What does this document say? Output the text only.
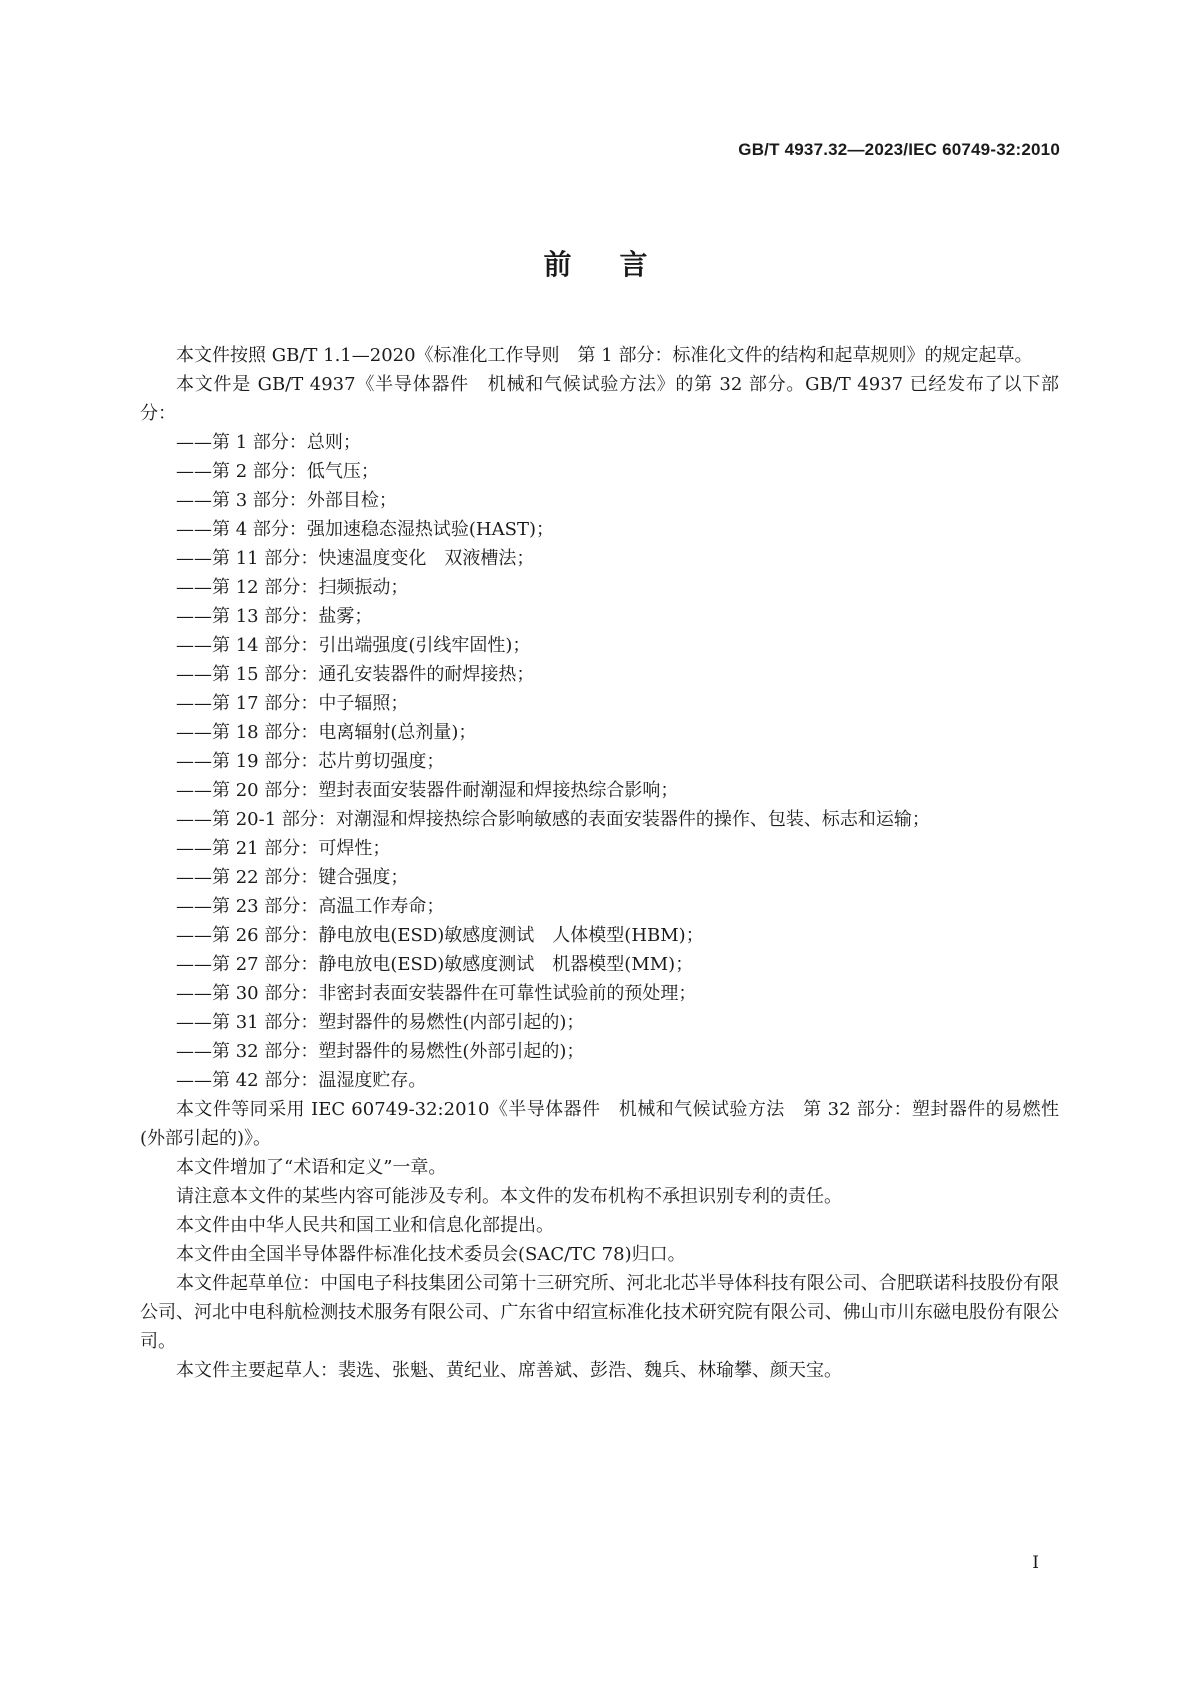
GB/T 4937.32—2023/IEC 60749-32:2010
前言

本文件按照 GB/T 1.1—2020《标准化工作导则　第 1 部分：标准化文件的结构和起草规则》的规定起草。

本文件是 GB/T 4937《半导体器件　机械和气候试验方法》的第 32 部分。GB/T 4937 已经发布了以下部分：

——第 1 部分：总则；
——第 2 部分：低气压；
——第 3 部分：外部目检；
——第 4 部分：强加速稳态湿热试验(HAST)；
——第 11 部分：快速温度变化　双液槽法；
——第 12 部分：扫频振动；
——第 13 部分：盐雾；
——第 14 部分：引出端强度(引线牢固性)；
——第 15 部分：通孔安装器件的耐焊接热；
——第 17 部分：中子辐照；
——第 18 部分：电离辐射(总剂量)；
——第 19 部分：芯片剪切强度；
——第 20 部分：塑封表面安装器件耐潮湿和焊接热综合影响；
——第 20-1 部分：对潮湿和焊接热综合影响敏感的表面安装器件的操作、包装、标志和运输；
——第 21 部分：可焊性；
——第 22 部分：键合强度；
——第 23 部分：高温工作寿命；
——第 26 部分：静电放电(ESD)敏感度测试　人体模型(HBM)；
——第 27 部分：静电放电(ESD)敏感度测试　机器模型(MM)；
——第 30 部分：非密封表面安装器件在可靠性试验前的预处理；
——第 31 部分：塑封器件的易燃性(内部引起的)；
——第 32 部分：塑封器件的易燃性(外部引起的)；
——第 42 部分：温湿度贮存。

本文件等同采用 IEC 60749-32:2010《半导体器件　机械和气候试验方法　第 32 部分：塑封器件的易燃性(外部引起的)》。

本文件增加了“术语和定义”一章。

请注意本文件的某些内容可能涉及专利。本文件的发布机构不承担识别专利的责任。

本文件由中华人民共和国工业和信息化部提出。

本文件由全国半导体器件标准化技术委员会(SAC/TC 78)归口。

本文件起草单位：中国电子科技集团公司第十三研究所、河北北芯半导体科技有限公司、合肥联诺科技股份有限公司、河北中电科航检测技术服务有限公司、广东省中绍宣标准化技术研究院有限公司、佛山市川东磁电股份有限公司。

本文件主要起草人：裴选、张魁、黄纪业、席善斌、彭浩、魏兵、林瑜攀、颜天宝。

I
